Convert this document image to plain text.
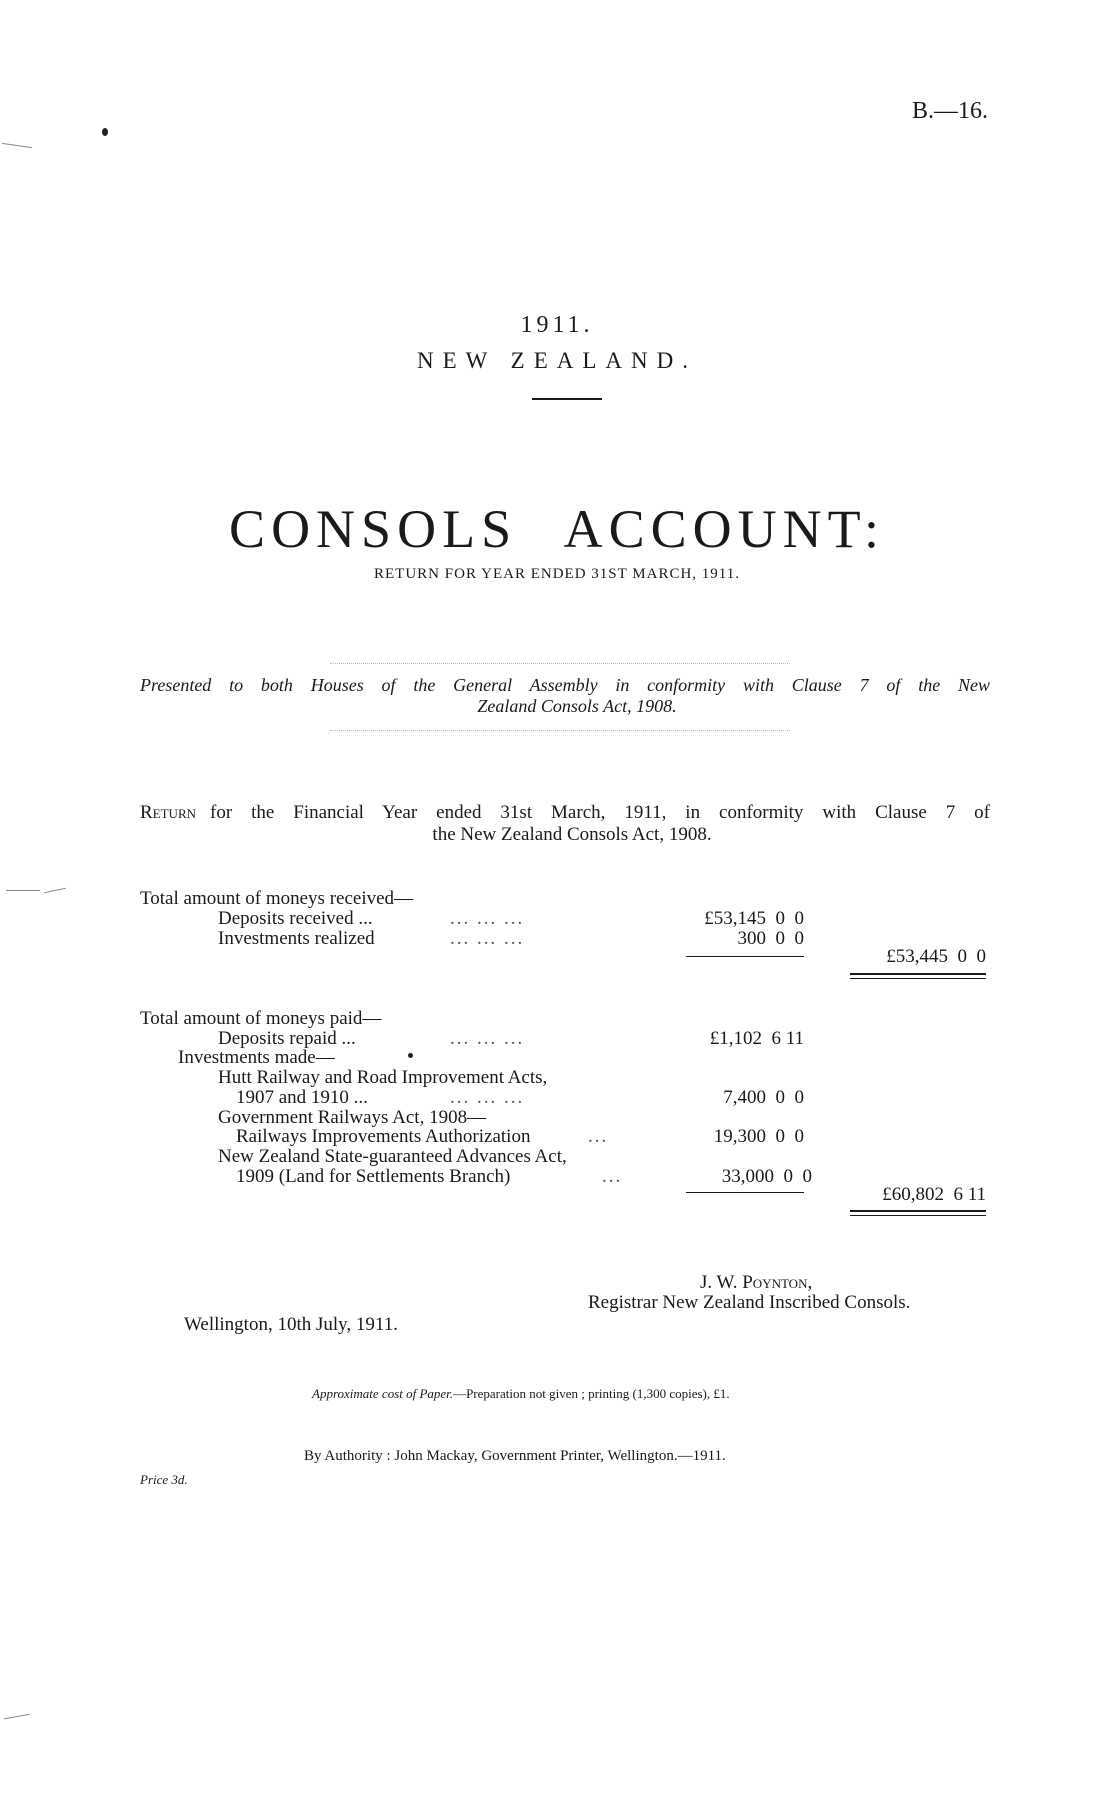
B.—16.
1911.
NEW ZEALAND.
CONSOLS ACCOUNT:
RETURN FOR YEAR ENDED 31ST MARCH, 1911.
Presented to both Houses of the General Assembly in conformity with Clause 7 of the New
Zealand Consols Act, 1908.
Return for the Financial Year ended 31st March, 1911, in conformity with Clause 7 of
the New Zealand Consols Act, 1908.
Total amount of moneys received—
Deposits received ...	... ... ...	£53,145  0  0
Investments realized	... ... ...	300  0  0
£53,445  0  0
Total amount of moneys paid—
Deposits repaid ...	... ... ...	£1,102  6 11
Investments made—
Hutt Railway and Road Improvement Acts,
1907 and 1910 ...	... ... ...	7,400  0  0
Government Railways Act, 1908—
Railways Improvements Authorization	...	19,300  0  0
New Zealand State-guaranteed Advances Act,
1909 (Land for Settlements Branch)	...	33,000  0  0
£60,802  6 11
J. W. Poynton,
Registrar New Zealand Inscribed Consols.
Wellington, 10th July, 1911.
Approximate cost of Paper.—Preparation not given ; printing (1,300 copies), £1.
By Authority : John Mackay, Government Printer, Wellington.—1911.
Price 3d.
